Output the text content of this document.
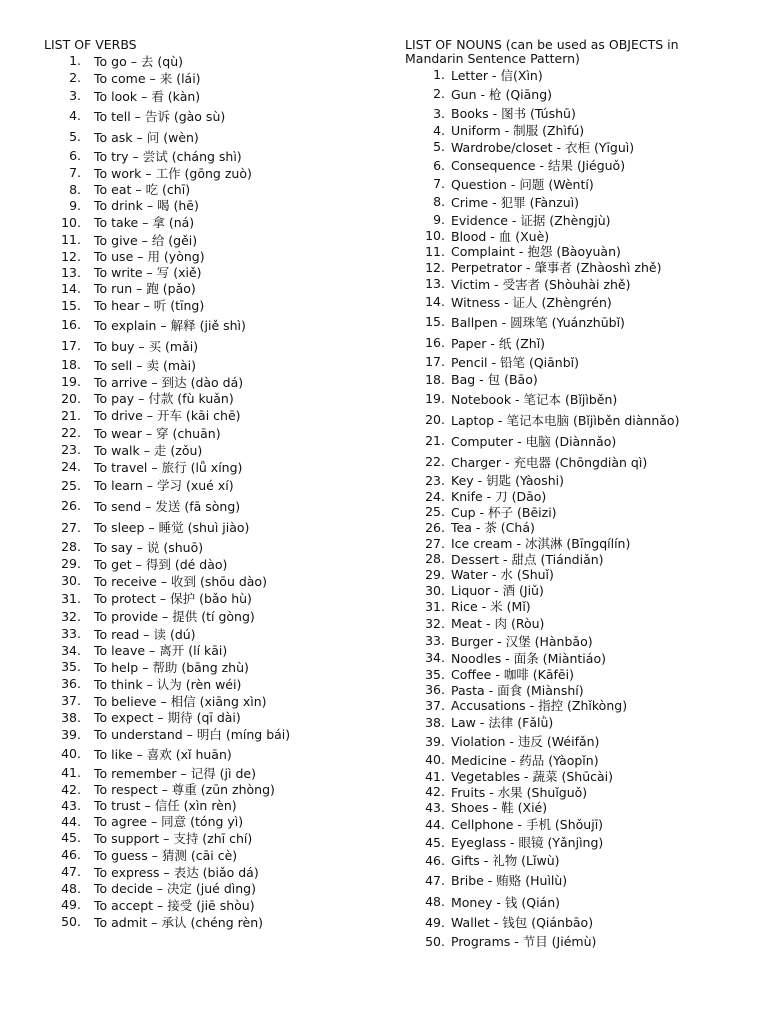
LIST OF VERBS
1. To go – 去 (qù)
2. To come – 来 (lái)
3. To look – 看 (kàn)
4. To tell – 告诉 (gào sù)
5. To ask – 问 (wèn)
6. To try – 尝试 (cháng shì)
7. To work – 工作 (gōng zuò)
8. To eat – 吃 (chī)
9. To drink – 喝 (hē)
10. To take – 拿 (ná)
11. To give – 给 (gěi)
12. To use – 用 (yòng)
13. To write – 写 (xiě)
14. To run – 跑 (pǎo)
15. To hear – 听 (tīng)
16. To explain – 解释 (jiě shì)
17. To buy – 买 (mǎi)
18. To sell – 卖 (mài)
19. To arrive – 到达 (dào dá)
20. To pay – 付款 (fù kuǎn)
21. To drive – 开车 (kāi chē)
22. To wear – 穿 (chuān)
23. To walk – 走 (zǒu)
24. To travel – 旅行 (lǚ xíng)
25. To learn – 学习 (xué xí)
26. To send – 发送 (fā sòng)
27. To sleep – 睡觉 (shuì jiào)
28. To say – 说 (shuō)
29. To get – 得到 (dé dào)
30. To receive – 收到 (shōu dào)
31. To protect – 保护 (bǎo hù)
32. To provide – 提供 (tí gòng)
33. To read – 读 (dú)
34. To leave – 离开 (lí kāi)
35. To help – 帮助 (bāng zhù)
36. To think – 认为 (rèn wéi)
37. To believe – 相信 (xiāng xìn)
38. To expect – 期待 (qī dài)
39. To understand – 明白 (míng bái)
40. To like – 喜欢 (xǐ huān)
41. To remember – 记得 (jì de)
42. To respect – 尊重 (zūn zhòng)
43. To trust – 信任 (xìn rèn)
44. To agree – 同意 (tóng yì)
45. To support – 支持 (zhī chí)
46. To guess – 猜测 (cāi cè)
47. To express – 表达 (biǎo dá)
48. To decide – 决定 (jué dìng)
49. To accept – 接受 (jiē shòu)
50. To admit – 承认 (chéng rèn)
LIST OF NOUNS (can be used as OBJECTS in Mandarin Sentence Pattern)
1. Letter - 信(Xìn)
2. Gun - 枪 (Qiāng)
3. Books - 图书 (Túshū)
4. Uniform - 制服 (Zhìfú)
5. Wardrobe/closet - 衣柜 (Yīguì)
6. Consequence - 结果 (Jiéguǒ)
7. Question - 问题 (Wèntí)
8. Crime - 犯罪 (Fànzuì)
9. Evidence - 证据 (Zhèngjù)
10. Blood - 血 (Xuè)
11. Complaint - 抱怨 (Bàoyuàn)
12. Perpetrator - 肇事者 (Zhàoshì zhě)
13. Victim - 受害者 (Shòuhài zhě)
14. Witness - 证人 (Zhèngrén)
15. Ballpen - 圆珠笔 (Yuánzhūbǐ)
16. Paper - 纸 (Zhǐ)
17. Pencil - 铅笔 (Qiānbǐ)
18. Bag - 包 (Bāo)
19. Notebook - 笔记本 (Bǐjìběn)
20. Laptop - 笔记本电脑 (Bǐjìběn diànnǎo)
21. Computer - 电脑 (Diànnǎo)
22. Charger - 充电器 (Chōngdiàn qì)
23. Key - 钥匙 (Yàoshi)
24. Knife - 刀 (Dāo)
25. Cup - 杯子 (Bēizi)
26. Tea - 茶 (Chá)
27. Ice cream - 冰淇淋 (Bīngqílín)
28. Dessert - 甜点 (Tiándiǎn)
29. Water - 水 (Shuǐ)
30. Liquor - 酒 (Jiǔ)
31. Rice - 米 (Mǐ)
32. Meat - 肉 (Ròu)
33. Burger - 汉堡 (Hànbǎo)
34. Noodles - 面条 (Miàntiáo)
35. Coffee - 咖啡 (Kāfēi)
36. Pasta - 面食 (Miànshí)
37. Accusations - 指控 (Zhǐkòng)
38. Law - 法律 (Fǎlǜ)
39. Violation - 违反 (Wéifǎn)
40. Medicine - 药品 (Yàopǐn)
41. Vegetables - 蔬菜 (Shūcài)
42. Fruits - 水果 (Shuǐguǒ)
43. Shoes - 鞋 (Xié)
44. Cellphone - 手机 (Shǒujī)
45. Eyeglass - 眼镜 (Yǎnjìng)
46. Gifts - 礼物 (Lǐwù)
47. Bribe - 贿赂 (Huìlù)
48. Money - 钱 (Qián)
49. Wallet - 钱包 (Qiánbāo)
50. Programs - 节目 (Jiémù)
